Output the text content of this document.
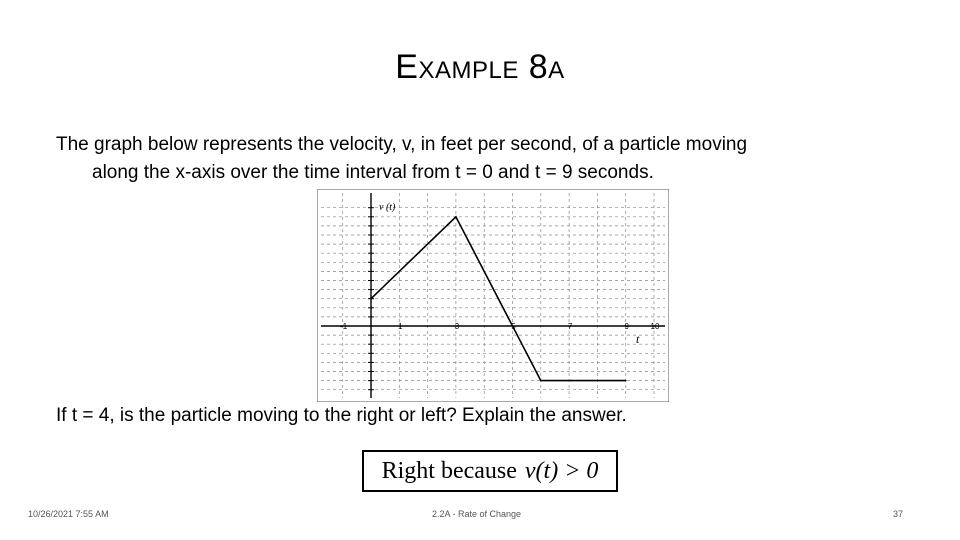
Example 8a
The graph below represents the velocity, v, in feet per second, of a particle moving
along the x-axis over the time interval from t = 0 and t = 9 seconds.
-1	1	3	5	7	9	10
v (t)
t
If t = 4, is the particle moving to the right or left? Explain the answer.
Right because v(t) > 0
10/26/2021 7:55 AM	2.2A - Rate of Change	37
